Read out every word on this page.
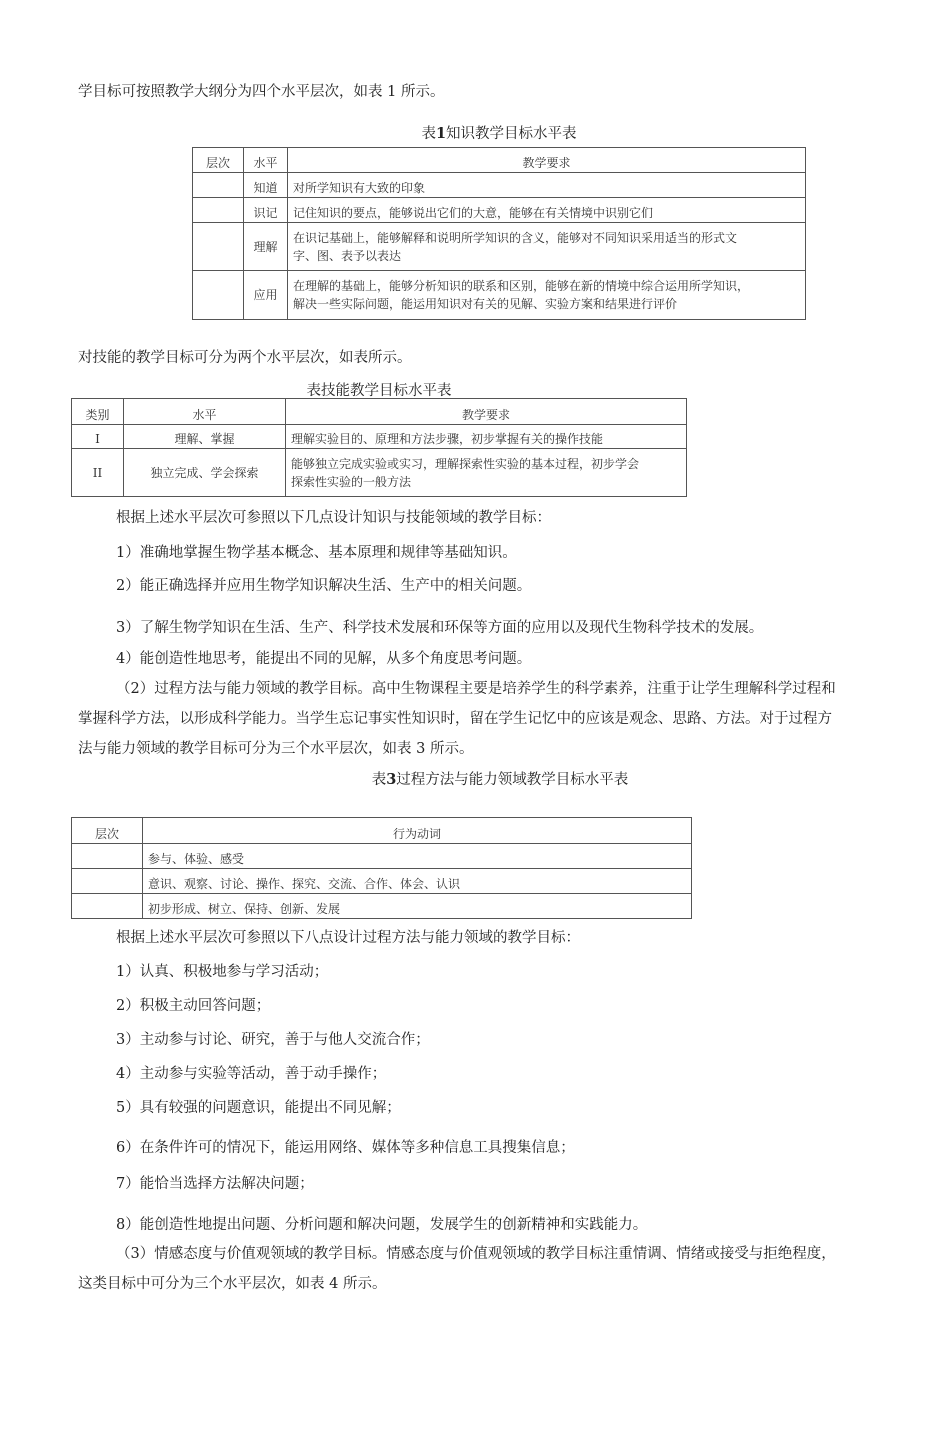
学目标可按照教学大纲分为四个水平层次，如表 1 所示。
表1知识教学目标水平表
层次	水平	教学要求
	知道	对所学知识有大致的印象
	识记	记住知识的要点，能够说出它们的大意，能够在有关情境中识别它们
	理解	在识记基础上，能够解释和说明所学知识的含义，能够对不同知识采用适当的形式文
字、图、表予以表达

	应用	在理解的基础上，能够分析知识的联系和区别，能够在新的情境中综合运用所学知识，
解决一些实际问题，能运用知识对有关的见解、实验方案和结果进行评价
对技能的教学目标可分为两个水平层次，如表所示。
表技能教学目标水平表
类别	水平	教学要求
I	理解、掌握	理解实验目的、原理和方法步骤，初步掌握有关的操作技能
II	独立完成、学会探索	能够独立完成实验或实习，理解探索性实验的基本过程，初步学会
探索性实验的一般方法
根据上述水平层次可参照以下几点设计知识与技能领域的教学目标：
1）准确地掌握生物学基本概念、基本原理和规律等基础知识。
2）能正确选择并应用生物学知识解决生活、生产中的相关问题。
3）了解生物学知识在生活、生产、科学技术发展和环保等方面的应用以及现代生物科学技术的发展。
4）能创造性地思考，能提出不同的见解，从多个角度思考问题。
（2）过程方法与能力领域的教学目标。高中生物课程主要是培养学生的科学素养，注重于让学生理解科学过程和
掌握科学方法，以形成科学能力。当学生忘记事实性知识时，留在学生记忆中的应该是观念、思路、方法。对于过程方
法与能力领域的教学目标可分为三个水平层次，如表 3 所示。
表3过程方法与能力领域教学目标水平表
层次	行为动词
	参与、体验、感受
	意识、观察、讨论、操作、探究、交流、合作、体会、认识
	初步形成、树立、保持、创新、发展
根据上述水平层次可参照以下八点设计过程方法与能力领域的教学目标：
1）认真、积极地参与学习活动；
2）积极主动回答问题；
3）主动参与讨论、研究，善于与他人交流合作；
4）主动参与实验等活动，善于动手操作；
5）具有较强的问题意识，能提出不同见解；
6）在条件许可的情况下，能运用网络、媒体等多种信息工具搜集信息；
7）能恰当选择方法解决问题；
8）能创造性地提出问题、分析问题和解决问题，发展学生的创新精神和实践能力。
（3）情感态度与价值观领域的教学目标。情感态度与价值观领域的教学目标注重情调、情绪或接受与拒绝程度，
这类目标中可分为三个水平层次，如表 4 所示。
